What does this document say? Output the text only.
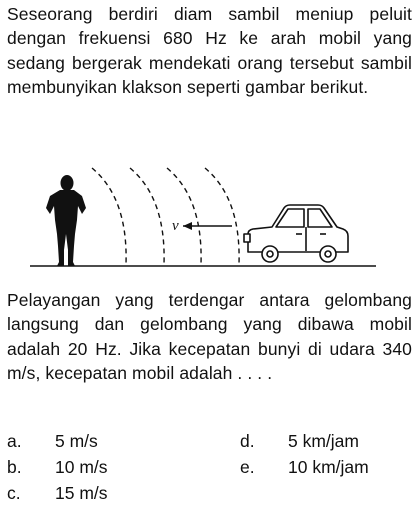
Seseorang berdiri diam sambil meniup peluit dengan frekuensi 680 Hz ke arah mobil yang sedang bergerak mendekati orang tersebut sambil membunyikan klakson seperti gambar berikut.

v

Pelayangan yang terdengar antara gelombang langsung dan gelombang yang dibawa mobil adalah 20 Hz. Jika kecepatan bunyi di udara 340 m/s, kecepatan mobil adalah . . . .

a. 5 m/s
b. 10 m/s
c. 15 m/s
d. 5 km/jam
e. 10 km/jam
